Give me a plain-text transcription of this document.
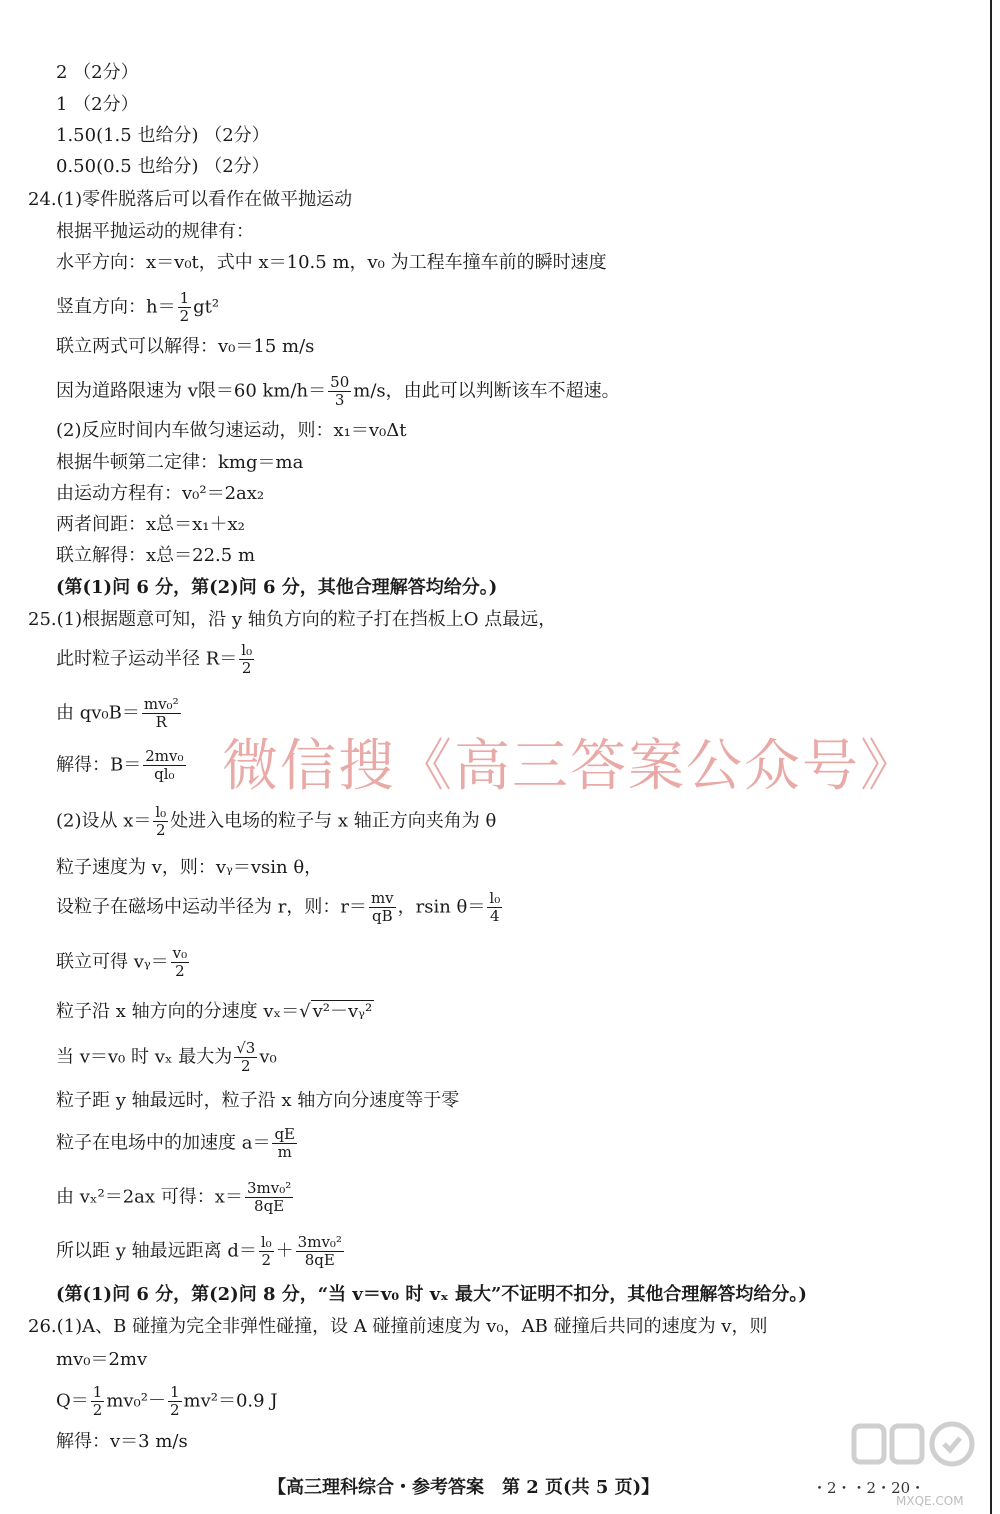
2 （2分）
1 （2分）
1.50(1.5 也给分) （2分）
0.50(0.5 也给分) （2分）
24.(1)零件脱落后可以看作在做平抛运动
根据平抛运动的规律有：
水平方向：x＝v₀t，式中 x＝10.5 m，v₀ 为工程车撞车前的瞬时速度
竖直方向：$h= \frac{1}{2} gt^2$
联立两式可以解得：v₀＝15 m/s
因为道路限速为 v限＝60 $km/h= \frac{50}{3} m/s$，由此可以判断该车不超速。
(2)反应时间内车做匀速运动，则：x₁＝v₀Δt
根据牛顿第二定律：kmg＝ma
由运动方程有：v₀²＝2ax₂
两者间距：x总＝x₁＋x₂
联立解得：x总＝22.5 m
(第(1)问 6 分，第(2)问 6 分，其他合理解答均给分。)
25.(1)根据题意可知，沿 y 轴负方向的粒子打在挡板上O 点最远，
此时粒子运动半径 $R= \frac{\text{l₀}}{2}$
由 $qv_0B= \frac{\text{mv₀²}}{R}$
解得：$B= \frac{\text{2mv₀}}{\text{ql₀}}$ 微信搜《高三答案公众号》
(2)设从 $x= \frac{\text{l₀}}{2}$ 处进入电场的粒子与 x 轴正方向夹角为 θ
粒子速度为 v，则：vᵧ＝vsin θ，
设粒子在磁场中运动半径为 r，则：$r= \frac{mv}{qB}$ ，rsin $\theta= \frac{\text{l₀}}{4}$
联立可得 vᵧ＝ $\frac{\text{v₀}}{2}$
粒子沿 x 轴方向的分速度 vₓ＝√ v²－vᵧ²
当 v＝v₀ 时 vₓ 最大为 $\frac{√3}{2} v_0$
粒子距 y 轴最远时，粒子沿 x 轴方向分速度等于零
粒子在电场中的加速度 $a= \frac{qE}{m}$
由 vₓ²＝2ax 可得：$x= \frac{\text{3mv₀²}}{8qE}$
所以距 y 轴最远距离 $d= \frac{\text{l₀}}{2} + \frac{\text{3mv₀²}}{8qE}$
(第(1)问 6 分，第(2)问 8 分，“当 v＝v₀ 时 vₓ 最大”不证明不扣分，其他合理解答均给分。)
26.(1)A、B 碰撞为完全非弹性碰撞，设 A 碰撞前速度为 v₀，AB 碰撞后共同的速度为 v，则
mv₀＝2mv
$Q= \frac{1}{2} mv_0^2- \frac{1}{2} mv^2=0.9$ J
解得：v＝3 m/s
【高三理科综合・参考答案　第 2 页(共 5 页)】	・2・・2・20・
MXQE.COM
